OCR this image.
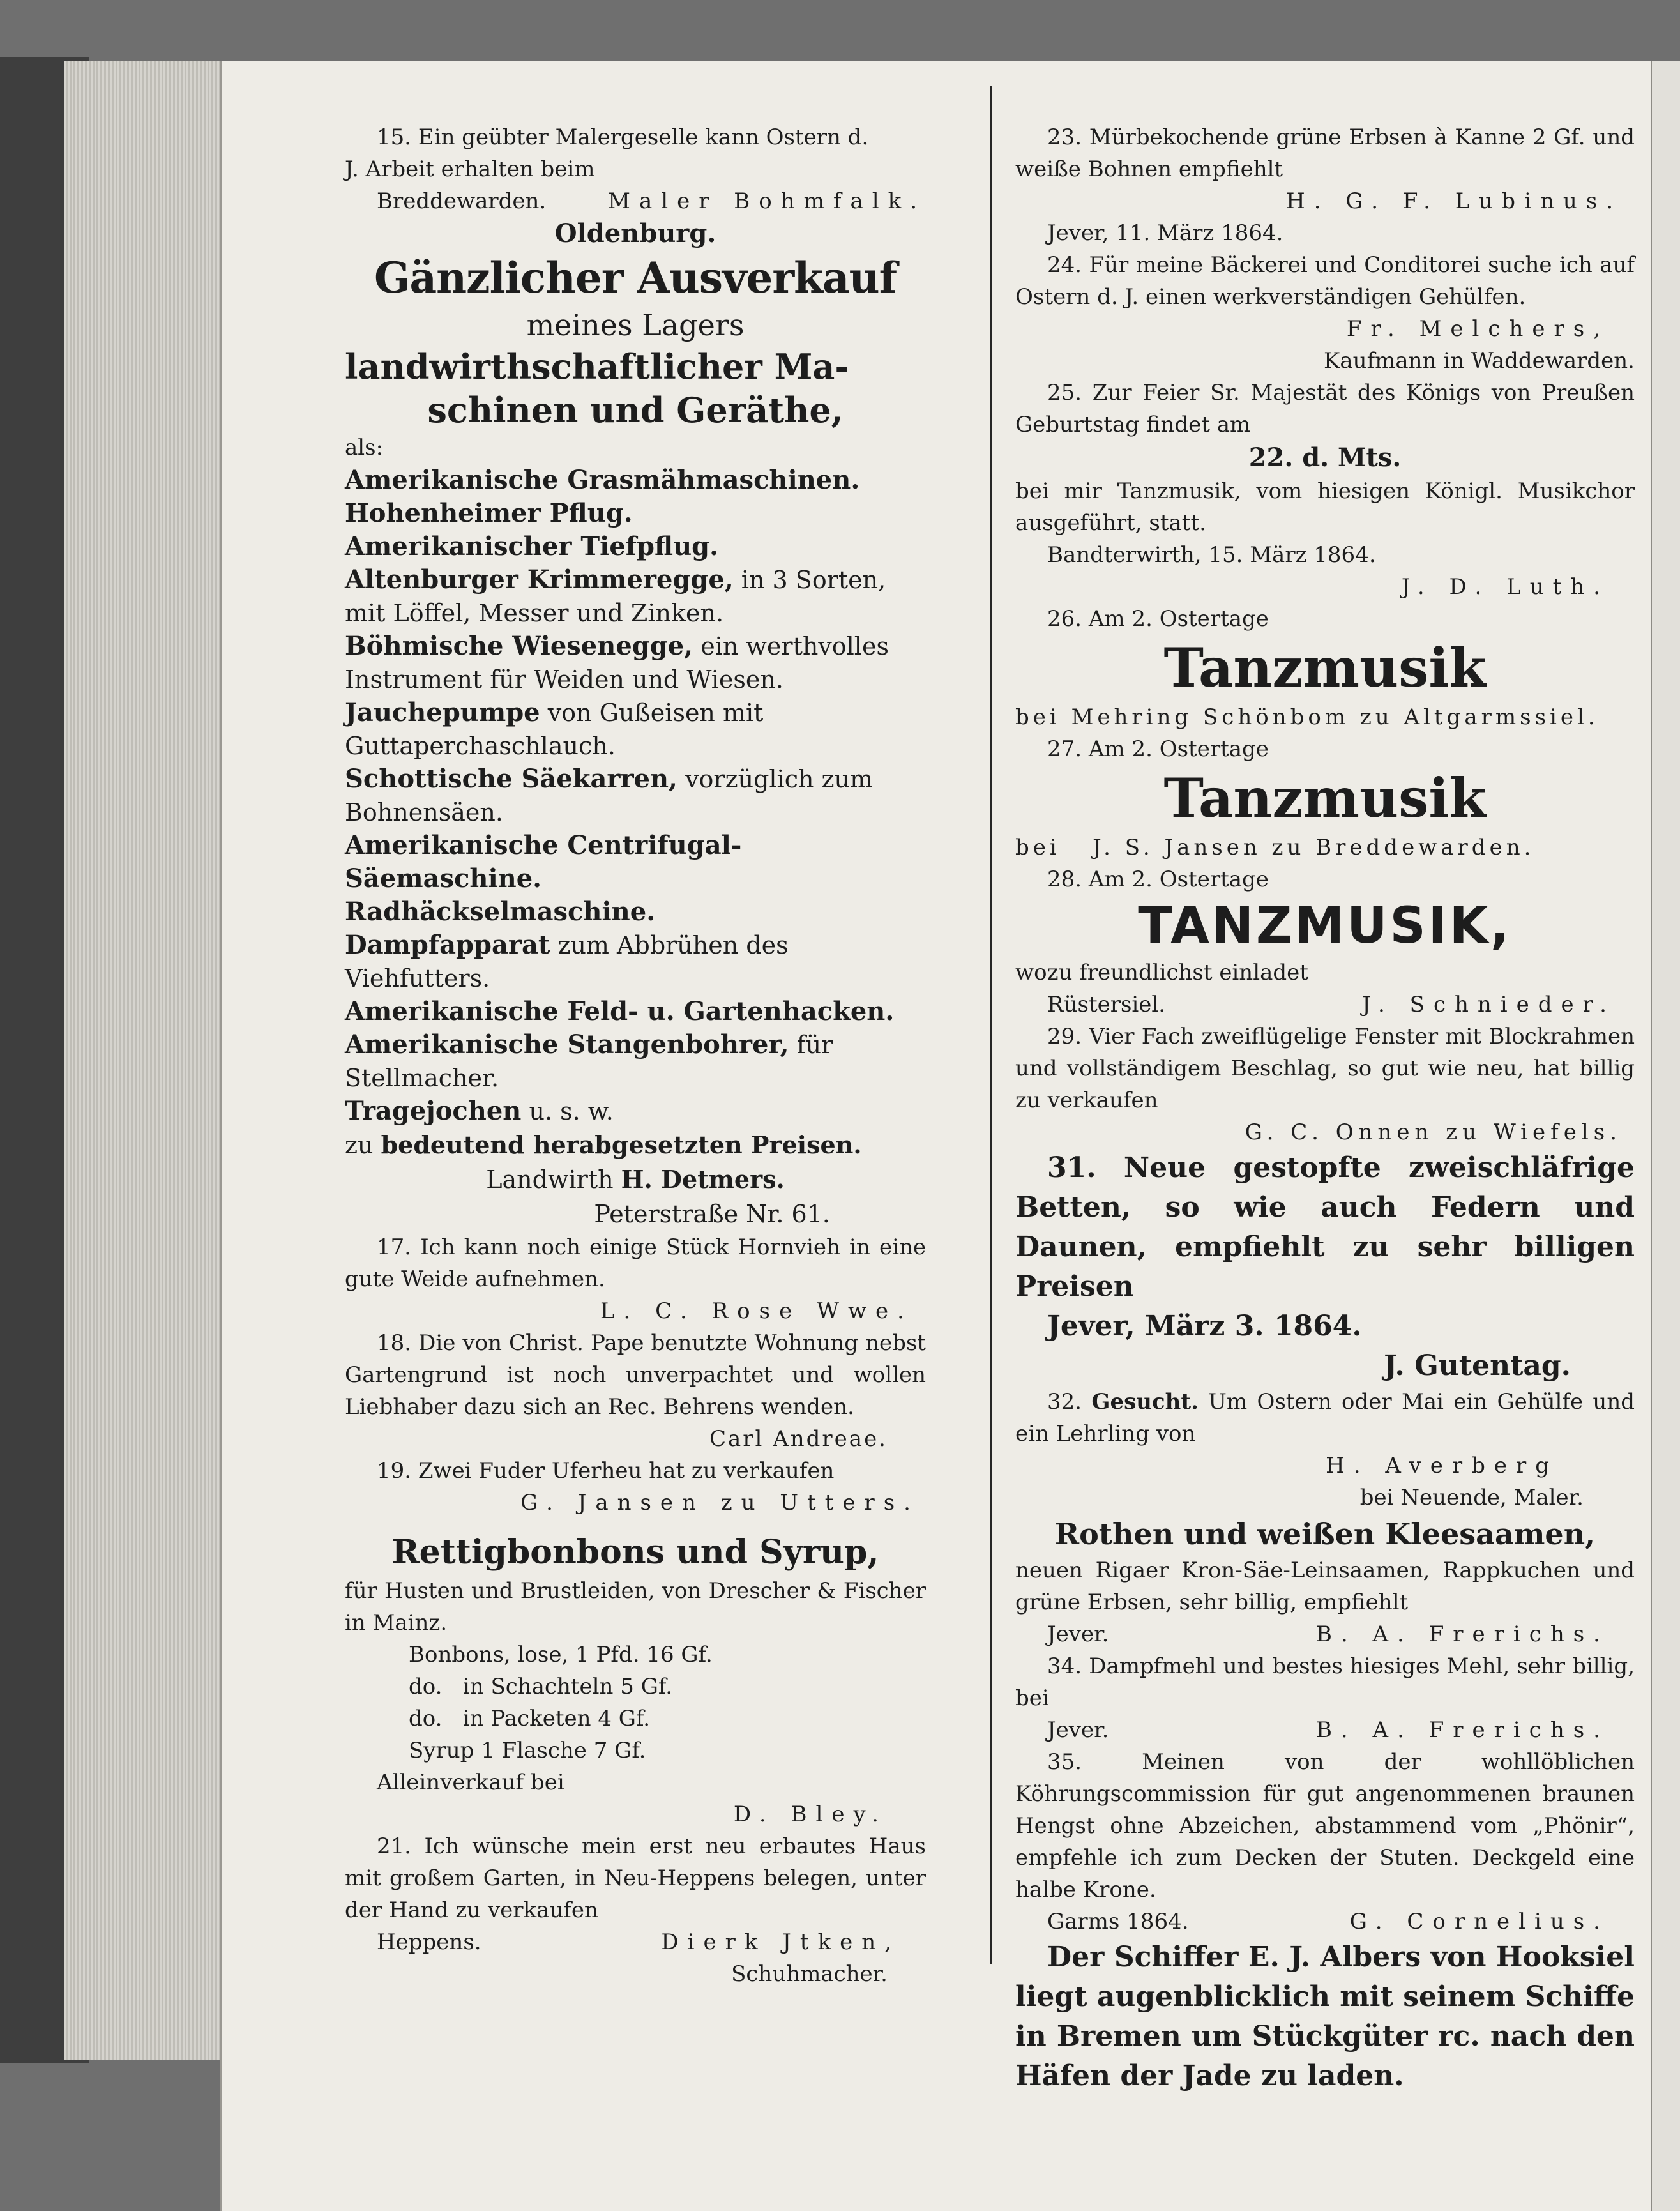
15. Ein geübter Malergeselle kann Ostern d.

J. Arbeit erhalten beim

Breddewarden.	Maler Bohmfalk.

Oldenburg.

Gänzlicher Ausverkauf

meines Lagers

landwirthschaftlicher Ma-

schinen und Geräthe,

als:

Amerikanische Grasmähmaschinen.

Hohenheimer Pflug.

Amerikanischer Tiefpflug.

Altenburger Krimmeregge, in 3 Sorten, mit Löffel, Messer und Zinken.

Böhmische Wiesenegge, ein werthvolles Instrument für Weiden und Wiesen.

Jauchepumpe von Gußeisen mit Guttaperchaschlauch.

Schottische Säekarren, vorzüglich zum Bohnensäen.

Amerikanische Centrifugal-Säemaschine.

Radhäckselmaschine.

Dampfapparat zum Abbrühen des Viehfutters.

Amerikanische Feld- u. Gartenhacken.

Amerikanische Stangenbohrer, für Stellmacher.

Tragejochen u. s. w.

zu bedeutend herabgesetzten Preisen.

Landwirth H. Detmers.

Peterstraße Nr. 61.

17. Ich kann noch einige Stück Hornvieh in eine gute Weide aufnehmen.

L. C. Rose Wwe.

18. Die von Christ. Pape benutzte Wohnung nebst Gartengrund ist noch unverpachtet und wollen Liebhaber dazu sich an Rec. Behrens wenden.

Carl Andreae.

19. Zwei Fuder Uferheu hat zu verkaufen

G. Jansen zu Utters.

Rettigbonbons und Syrup,

für Husten und Brustleiden, von Drescher & Fischer in Mainz.

Bonbons, lose, 1 Pfd. 16 Gf.

do.   in Schachteln 5 Gf.

do.   in Packeten 4 Gf.

Syrup 1 Flasche 7 Gf.

Alleinverkauf bei

D. Bley.

21. Ich wünsche mein erst neu erbautes Haus mit großem Garten, in Neu-Heppens belegen, unter der Hand zu verkaufen

Heppens.	Dierk Jtken,

Schuhmacher.

23. Mürbekochende grüne Erbsen à Kanne 2 Gf. und weiße Bohnen empfiehlt

H. G. F. Lubinus.

Jever, 11. März 1864.

24. Für meine Bäckerei und Conditorei suche ich auf Ostern d. J. einen werkverständigen Gehülfen.

Fr. Melchers,

Kaufmann in Waddewarden.

25. Zur Feier Sr. Majestät des Königs von Preußen Geburtstag findet am

22. d. Mts.

bei mir Tanzmusik, vom hiesigen Königl. Musikchor ausgeführt, statt.

Bandterwirth, 15. März 1864.

J. D. Luth.

26. Am 2. Ostertage

Tanzmusik

bei Mehring Schönbom zu Altgarmssiel.

27. Am 2. Ostertage

Tanzmusik

bei   J. S. Jansen zu Breddewarden.

28. Am 2. Ostertage

TANZMUSIK,

wozu freundlichst einladet

Rüstersiel.	J. Schnieder.

29. Vier Fach zweiflügelige Fenster mit Blockrahmen und vollständigem Beschlag, so gut wie neu, hat billig zu verkaufen

G. C. Onnen zu Wiefels.

31. Neue gestopfte zweischläfrige Betten, so wie auch Federn und Daunen, empfiehlt zu sehr billigen Preisen

Jever, März 3. 1864.

J. Gutentag.

32. Gesucht. Um Ostern oder Mai ein Gehülfe und ein Lehrling von

H. Averberg

bei Neuende, Maler.

Rothen und weißen Kleesaamen,

neuen Rigaer Kron-Säe-Leinsaamen, Rappkuchen und grüne Erbsen, sehr billig, empfiehlt

Jever.	B. A. Frerichs.

34. Dampfmehl und bestes hiesiges Mehl, sehr billig, bei

Jever.	B. A. Frerichs.

35. Meinen von der wohllöblichen Köhrungscommission für gut angenommenen braunen Hengst ohne Abzeichen, abstammend vom „Phönir“, empfehle ich zum Decken der Stuten. Deckgeld eine halbe Krone.

Garms 1864.	G. Cornelius.

Der Schiffer E. J. Albers von Hooksiel liegt augenblicklich mit seinem Schiffe in Bremen um Stückgüter rc. nach den Häfen der Jade zu laden.
